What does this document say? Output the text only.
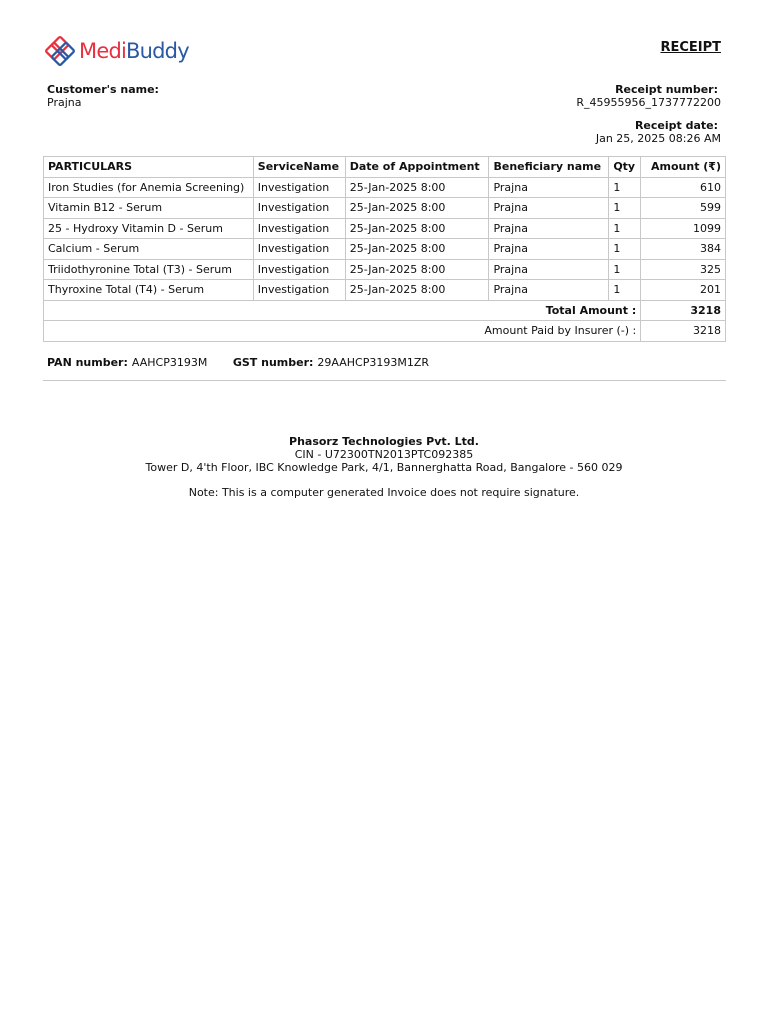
MediBuddy	RECEIPT
Customer's name:
Prajna
Receipt number:
R_45955956_1737772200
Receipt date:
Jan 25, 2025 08:26 AM
PARTICULARS	ServiceName	Date of Appointment	Beneficiary name	Qty	Amount (₹)
Iron Studies (for Anemia Screening)	Investigation	25-Jan-2025 8:00	Prajna	1	610
Vitamin B12 - Serum	Investigation	25-Jan-2025 8:00	Prajna	1	599
25 - Hydroxy Vitamin D - Serum	Investigation	25-Jan-2025 8:00	Prajna	1	1099
Calcium - Serum	Investigation	25-Jan-2025 8:00	Prajna	1	384
Triidothyronine Total (T3) - Serum	Investigation	25-Jan-2025 8:00	Prajna	1	325
Thyroxine Total (T4) - Serum	Investigation	25-Jan-2025 8:00	Prajna	1	201
Total Amount :					3218
Amount Paid by Insurer (-) :					3218
PAN number: AAHCP3193M GST number: 29AAHCP3193M1ZR
Phasorz Technologies Pvt. Ltd.
CIN - U72300TN2013PTC092385
Tower D, 4'th Floor, IBC Knowledge Park, 4/1, Bannerghatta Road, Bangalore - 560 029
Note: This is a computer generated Invoice does not require signature.
